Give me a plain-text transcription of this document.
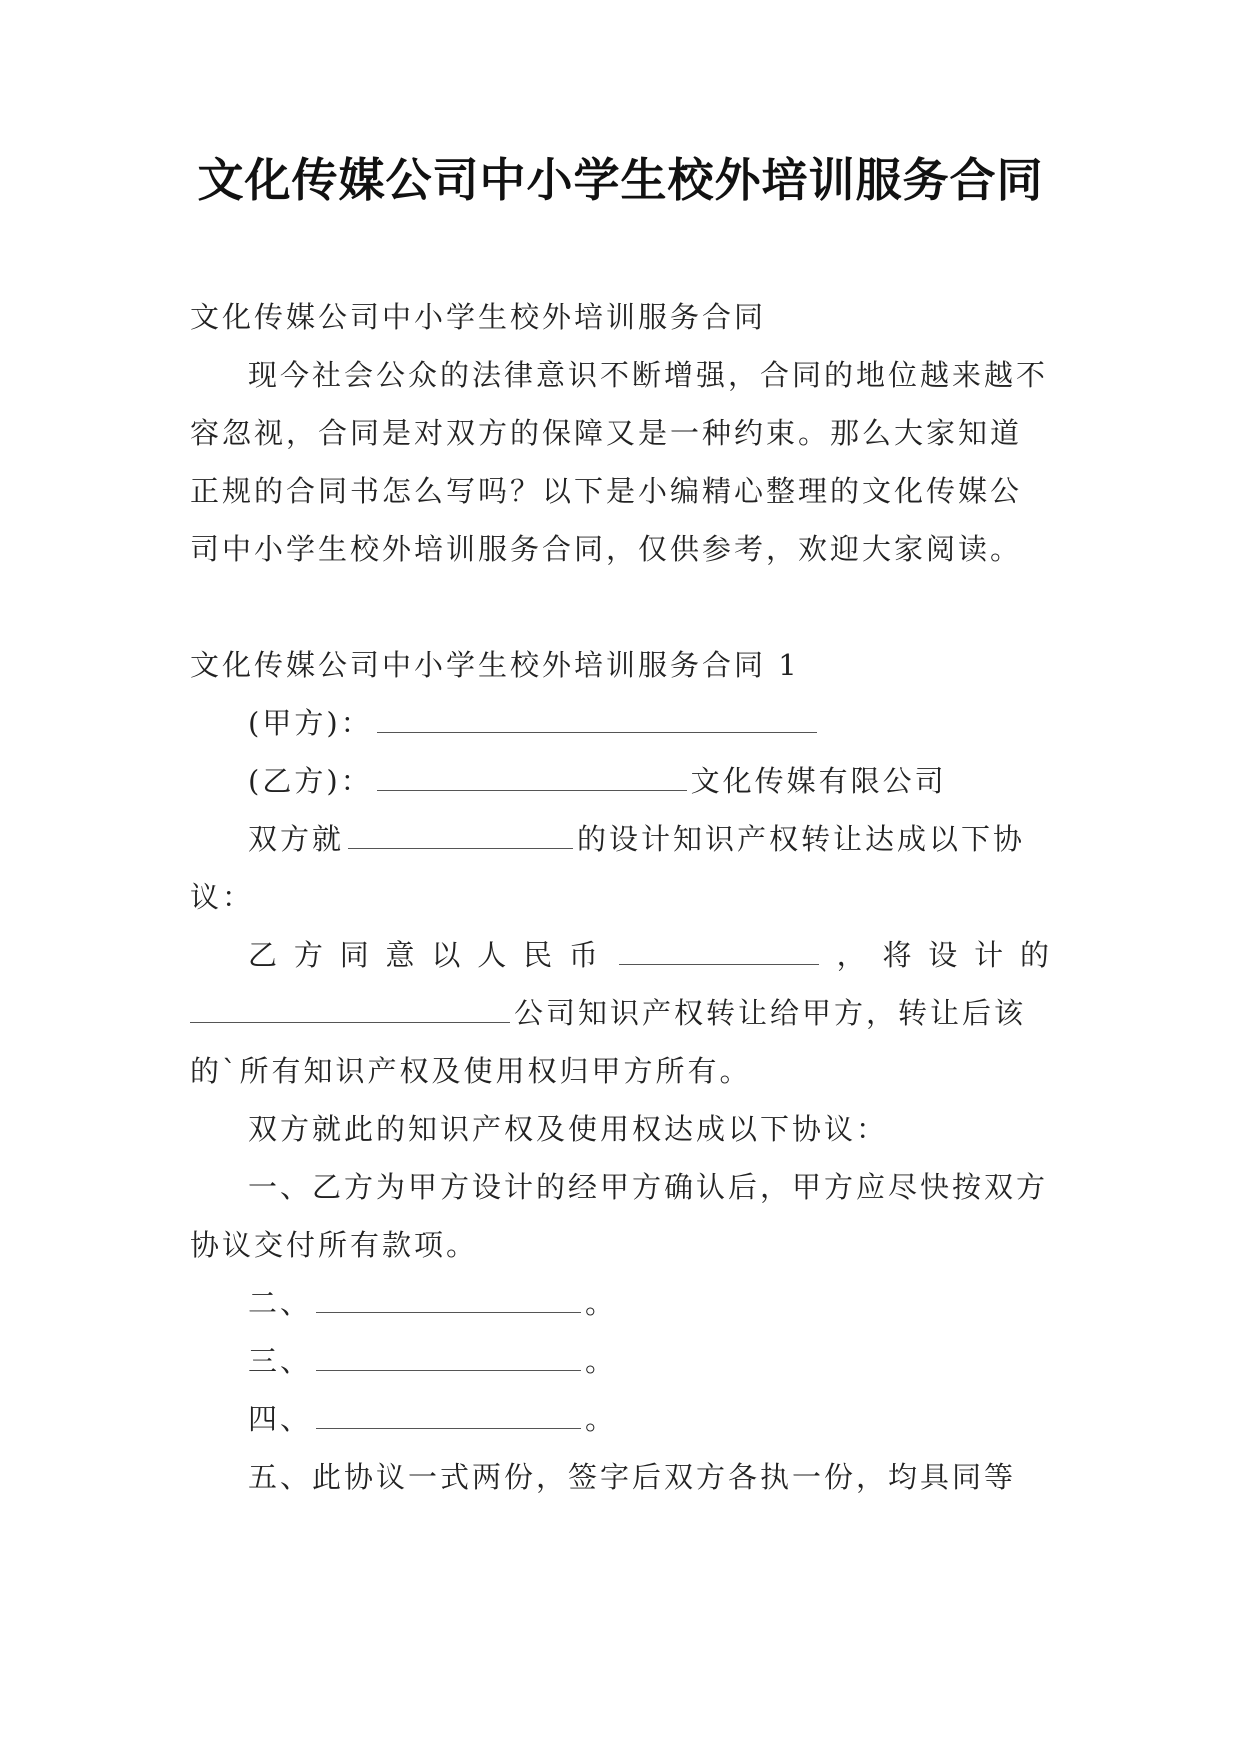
文化传媒公司中小学生校外培训服务合同

文化传媒公司中小学生校外培训服务合同

现今社会公众的法律意识不断增强，合同的地位越来越不容忽视，合同是对双方的保障又是一种约束。那么大家知道正规的合同书怎么写吗？以下是小编精心整理的文化传媒公司中小学生校外培训服务合同，仅供参考，欢迎大家阅读。

文化传媒公司中小学生校外培训服务合同 1

(甲方)：

(乙方)：	文化传媒有限公司

双方就	的设计知识产权转让达成以下协议：

乙方同意以人民币	，将设计的

公司知识产权转让给甲方，转让后该的`所有知识产权及使用权归甲方所有。

双方就此的知识产权及使用权达成以下协议：

一、乙方为甲方设计的经甲方确认后，甲方应尽快按双方协议交付所有款项。

二、	。

三、	。

四、	。

五、此协议一式两份，签字后双方各执一份，均具同等
